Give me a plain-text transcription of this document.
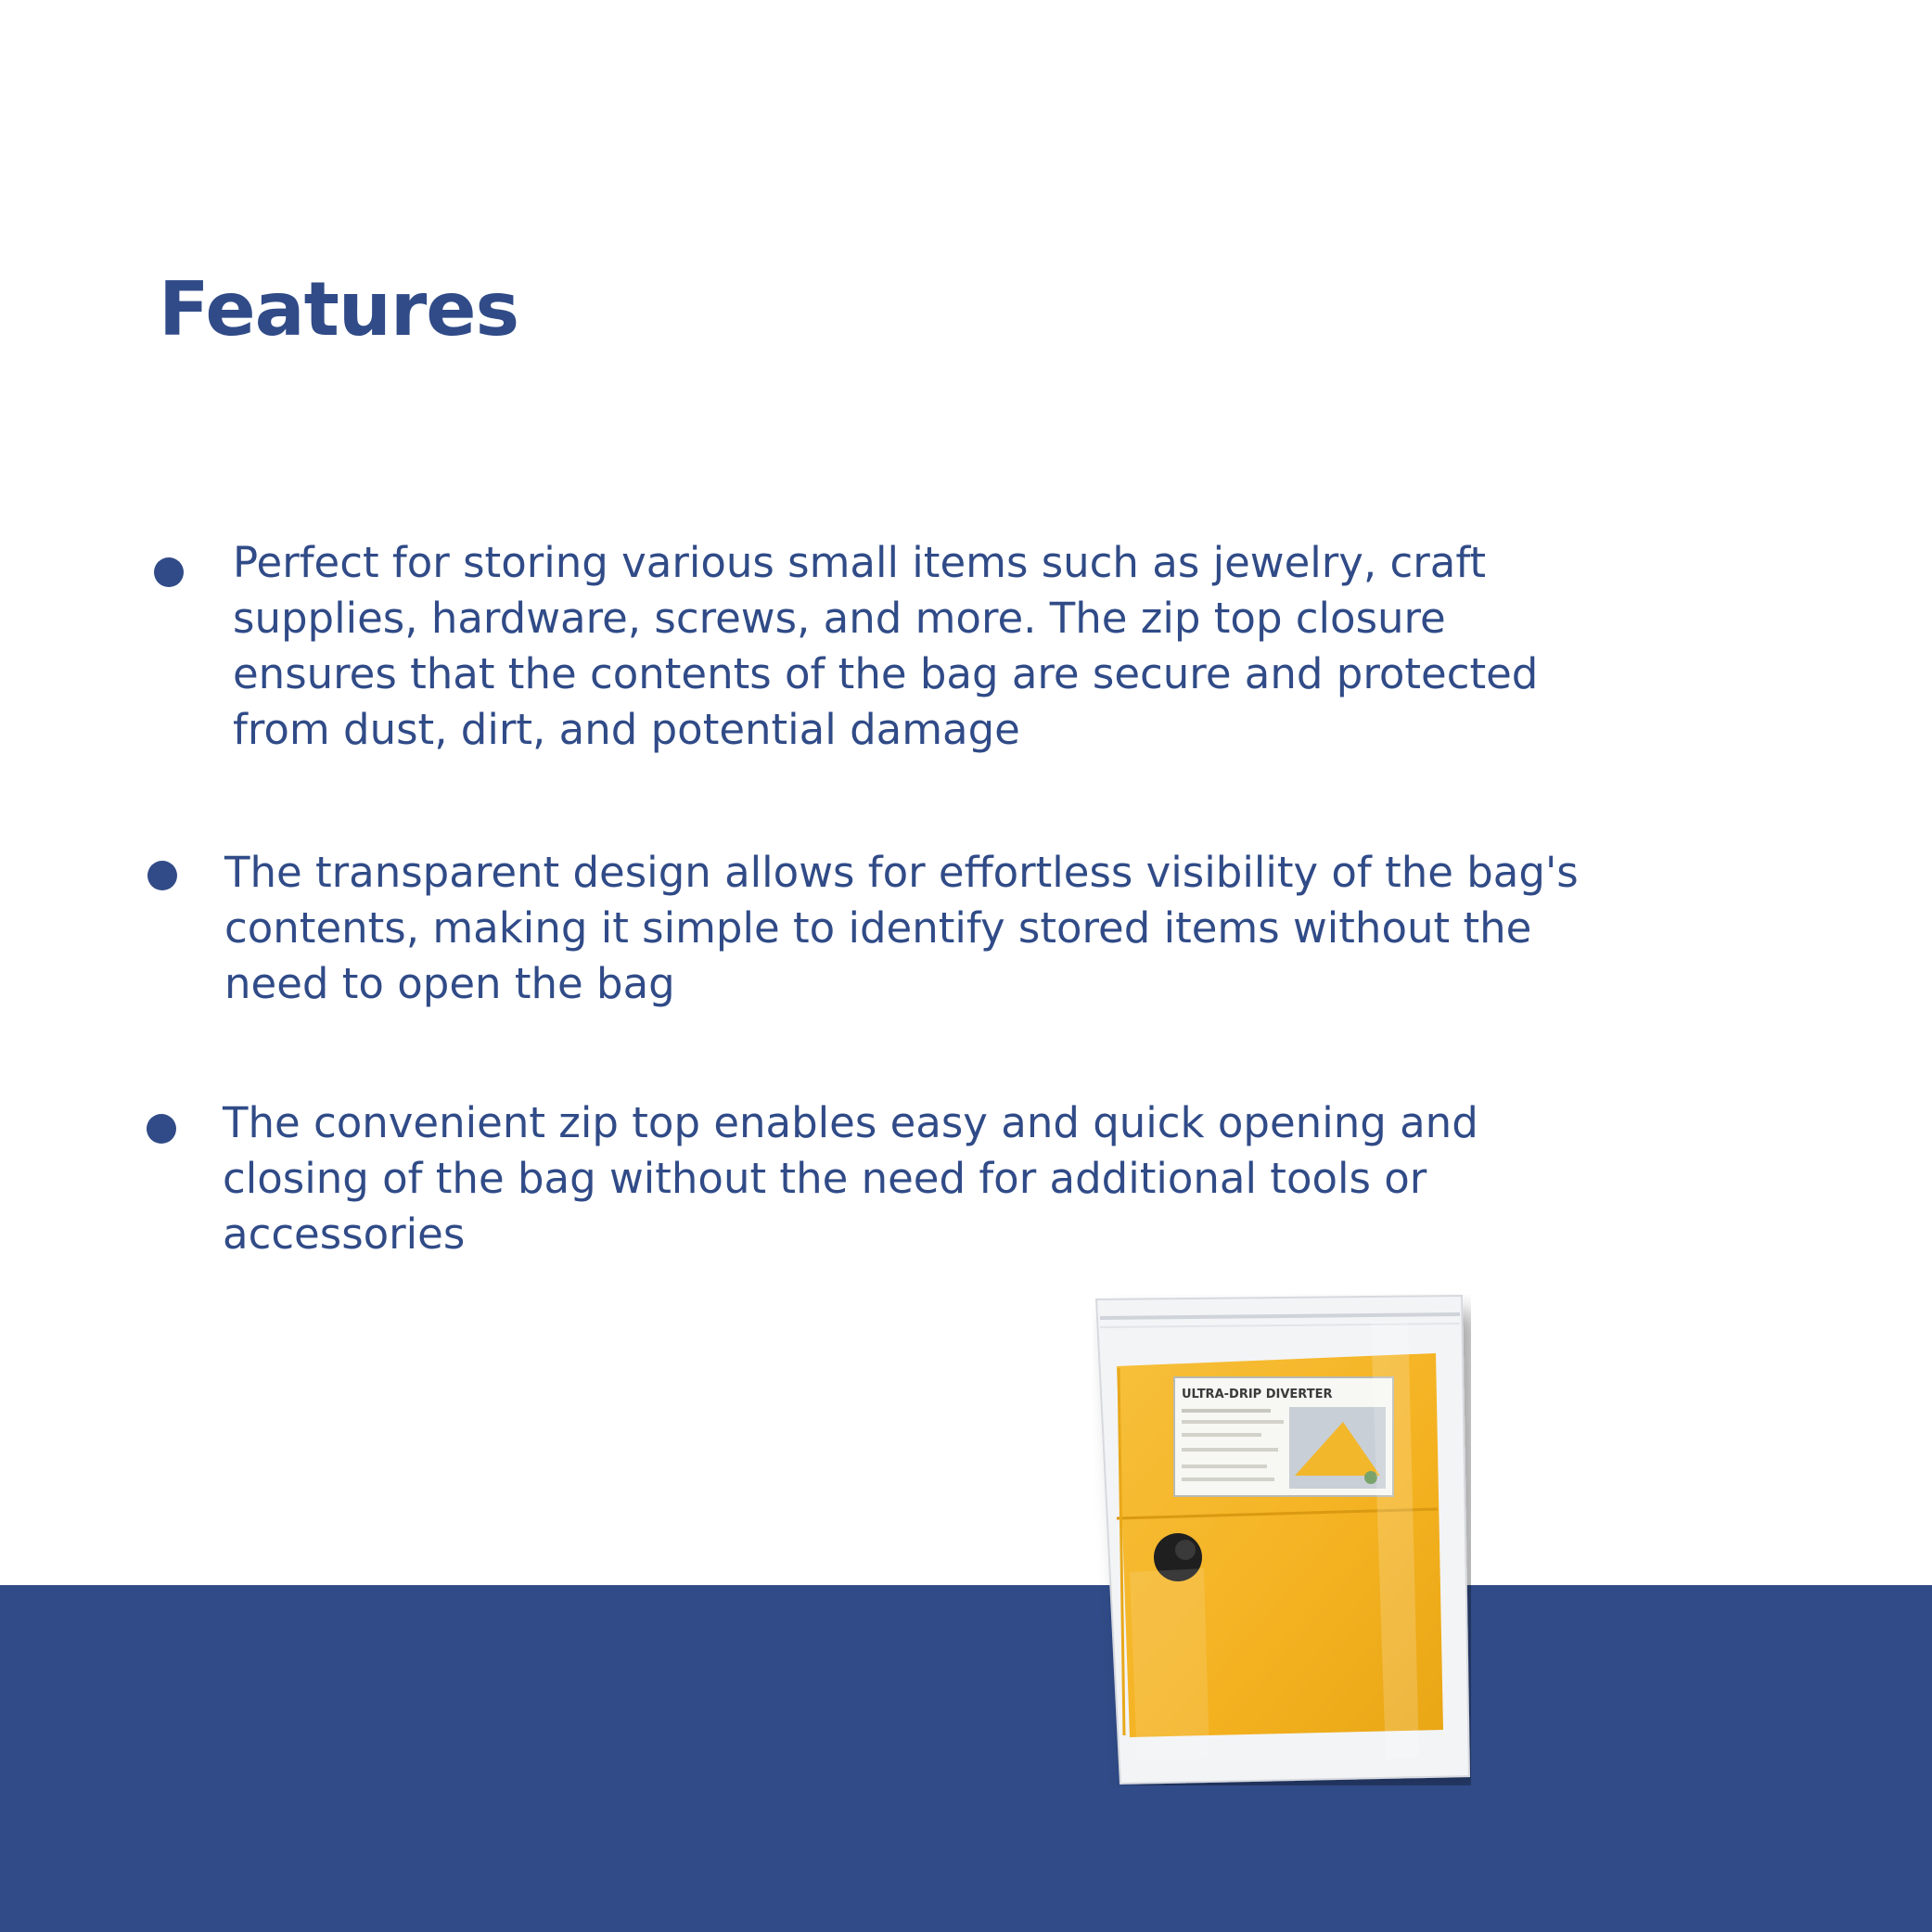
Features

Perfect for storing various small items such as jewelry, craft
supplies, hardware, screws, and more. The zip top closure
ensures that the contents of the bag are secure and protected
from dust, dirt, and potential damage

The transparent design allows for effortless visibility of the bag's
contents, making it simple to identify stored items without the
need to open the bag

The convenient zip top enables easy and quick opening and
closing of the bag without the need for additional tools or
accessories

ULTRA-DRIP DIVERTER
